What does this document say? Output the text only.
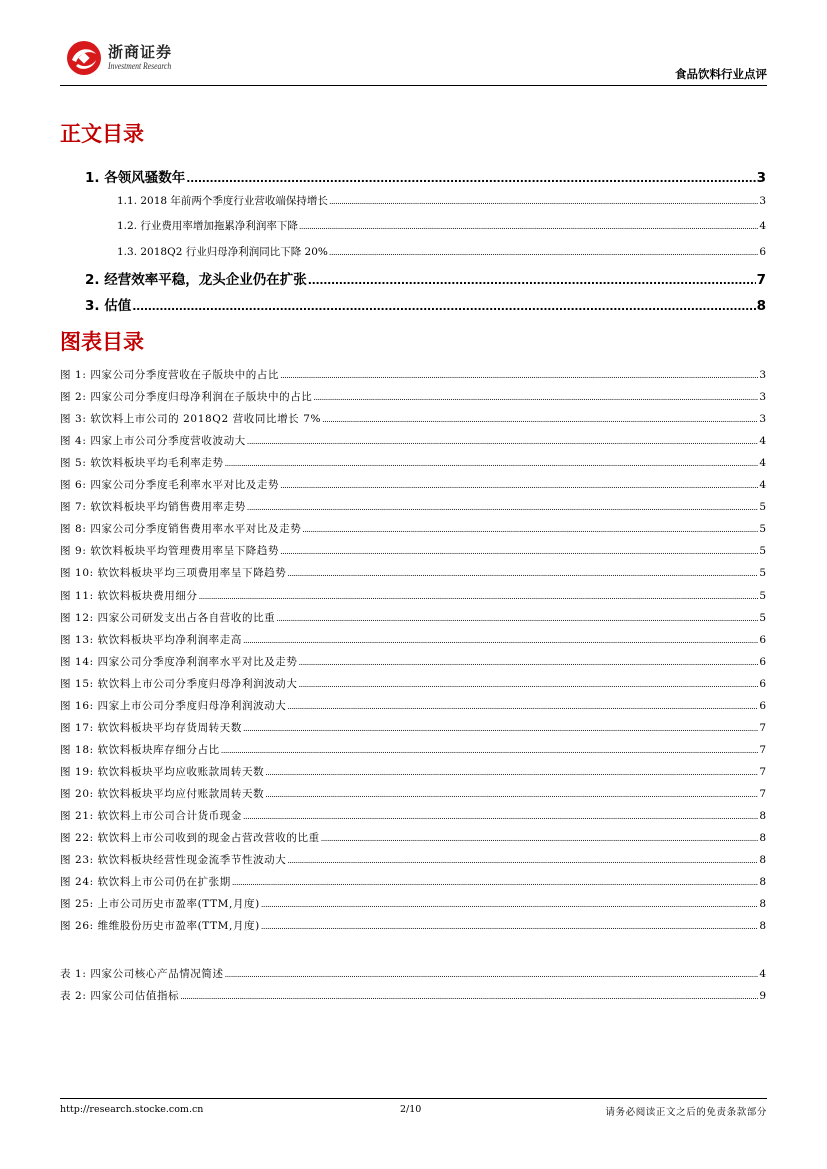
浙商证券
Investment Research
食品饮料行业点评
正文目录
1. 各领风骚数年 .....	3
1.1. 2018 年前两个季度行业营收端保持增长 .....	3
1.2. 行业费用率增加拖累净利润率下降 .....	4
1.3. 2018Q2 行业归母净利润同比下降 20% .....	6
2. 经营效率平稳，龙头企业仍在扩张 .....	7
3. 估值 .....	8
图表目录
图 1: 四家公司分季度营收在子版块中的占比 .....	3
图 2: 四家公司分季度归母净利润在子版块中的占比 .....	3
图 3: 软饮料上市公司的 2018Q2 营收同比增长 7% .....	3
图 4: 四家上市公司分季度营收波动大 .....	4
图 5: 软饮料板块平均毛利率走势 .....	4
图 6: 四家公司分季度毛利率水平对比及走势 .....	4
图 7: 软饮料板块平均销售费用率走势 .....	5
图 8: 四家公司分季度销售费用率水平对比及走势 .....	5
图 9: 软饮料板块平均管理费用率呈下降趋势 .....	5
图 10: 软饮料板块平均三项费用率呈下降趋势 .....	5
图 11: 软饮料板块费用细分 .....	5
图 12: 四家公司研发支出占各自营收的比重 .....	5
图 13: 软饮料板块平均净利润率走高 .....	6
图 14: 四家公司分季度净利润率水平对比及走势 .....	6
图 15: 软饮料上市公司分季度归母净利润波动大 .....	6
图 16: 四家上市公司分季度归母净利润波动大 .....	6
图 17: 软饮料板块平均存货周转天数 .....	7
图 18: 软饮料板块库存细分占比 .....	7
图 19: 软饮料板块平均应收账款周转天数 .....	7
图 20: 软饮料板块平均应付账款周转天数 .....	7
图 21: 软饮料上市公司合计货币现金 .....	8
图 22: 软饮料上市公司收到的现金占营改营收的比重 .....	8
图 23: 软饮料板块经营性现金流季节性波动大 .....	8
图 24: 软饮料上市公司仍在扩张期 .....	8
图 25: 上市公司历史市盈率(TTM,月度) .....	8
图 26: 维维股份历史市盈率(TTM,月度) .....	8
表 1: 四家公司核心产品情况简述 .....	4
表 2: 四家公司估值指标 .....	9
http://research.stocke.com.cn	2/10	请务必阅读正文之后的免责条款部分
